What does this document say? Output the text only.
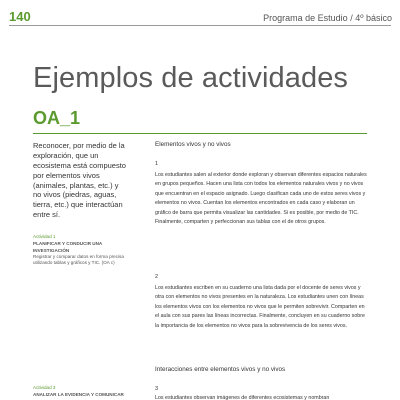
140	Programa de Estudio / 4º básico
Ejemplos de actividades
OA_1
Reconocer, por medio de la exploración, que un ecosistema está compuesto por elementos vivos (animales, plantas, etc.) y no vivos (piedras, aguas, tierra, etc.) que interactúan entre sí.
Actividad 1
PLANIFICAR Y CONDUCIR UNA INVESTIGACIÓN
Registrar y comparar datos en forma precisa utilizando tablas y gráficos y TIC. (OA c)
Actividad 3
ANALIZAR LA EVIDENCIA Y COMUNICAR
Elementos vivos y no vivos
1

Los estudiantes salen al exterior donde exploran y observan diferentes espacios naturales en grupos pequeños. Hacen una lista con todos los elementos naturales vivos y no vivos que encuentran en el espacio asignado. Luego clasifican cada uno de estos seres vivos y elementos no vivos. Cuentan los elementos encontrados en cada caso y elaboran un gráfico de barra que permita visualizar las cantidades. Si es posible, por medio de TIC. Finalmente, comparten y perfeccionan sus tablas con el de otros grupos.

2

Los estudiantes escriben en su cuaderno una lista dada por el docente de seres vivos y otra con elementos no vivos presentes en la naturaleza. Los estudiantes unen con líneas los elementos vivos con los elementos no vivos que le permiten sobrevivir. Comparten en el aula con sus pares las líneas incorrectas. Finalmente, concluyen en su cuaderno sobre la importancia de los elementos no vivos para la sobrevivencia de los seres vivos.

Interacciones entre elementos vivos y no vivos
3

Los estudiantes observan imágenes de diferentes ecosistemas y nombran
